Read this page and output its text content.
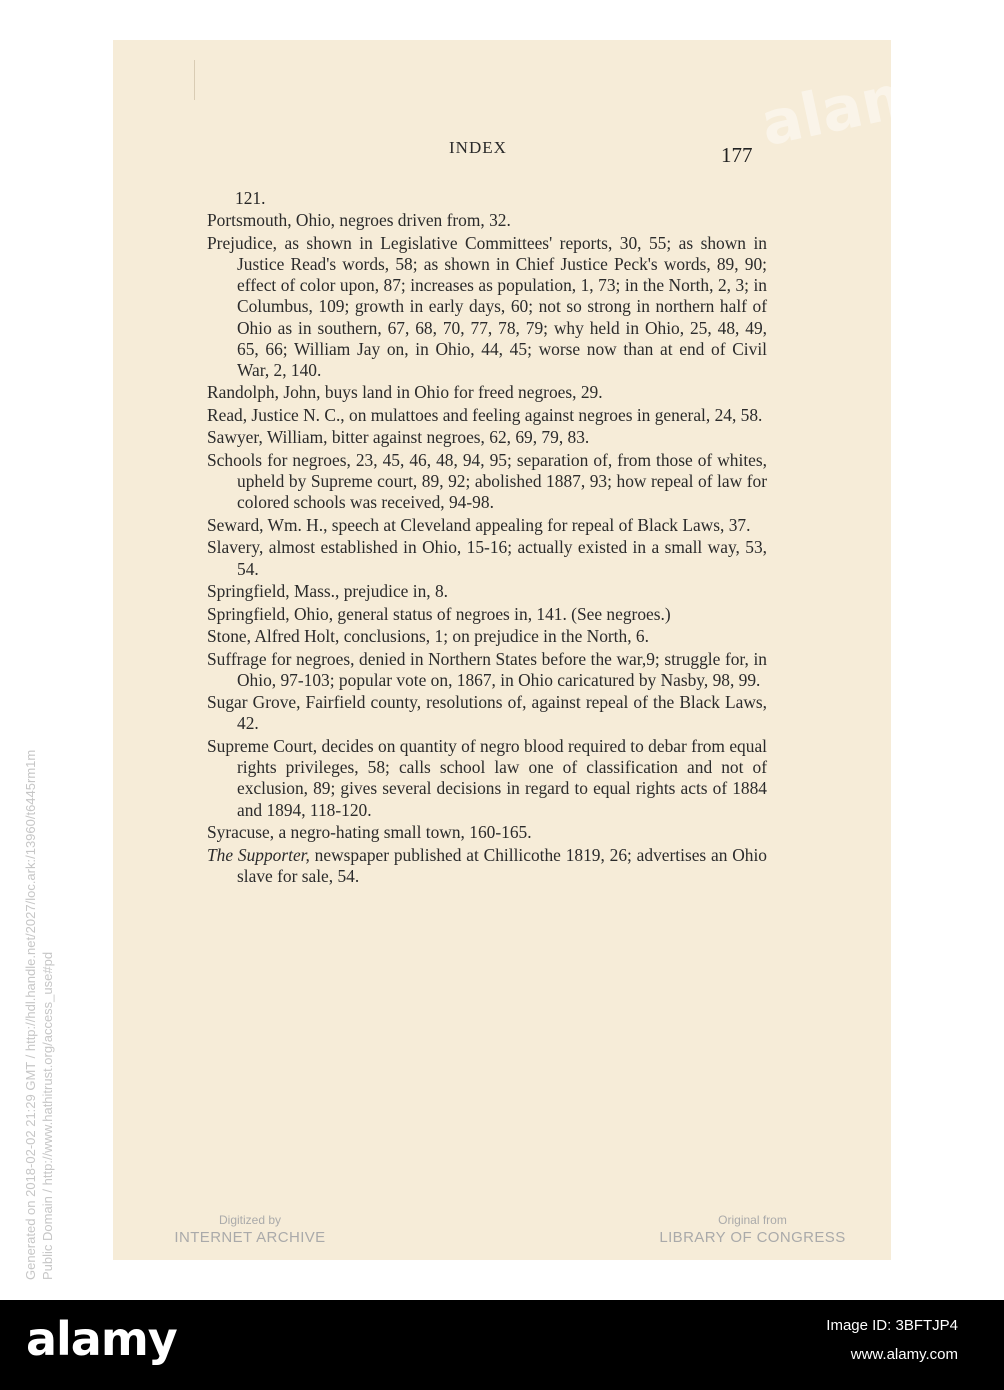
alamy
INDEX	177

121.

Portsmouth, Ohio, negroes driven from, 32.

Prejudice, as shown in Legislative Committees' reports, 30, 55; as shown in Justice Read's words, 58; as shown in Chief Justice Peck's words, 89, 90; effect of color upon, 87; increases as population, 1, 73; in the North, 2, 3; in Columbus, 109; growth in early days, 60; not so strong in northern half of Ohio as in southern, 67, 68, 70, 77, 78, 79; why held in Ohio, 25, 48, 49, 65, 66; William Jay on, in Ohio, 44, 45; worse now than at end of Civil War, 2, 140.

Randolph, John, buys land in Ohio for freed negroes, 29.

Read, Justice N. C., on mulattoes and feeling against negroes in general, 24, 58.

Sawyer, William, bitter against negroes, 62, 69, 79, 83.

Schools for negroes, 23, 45, 46, 48, 94, 95; separation of, from those of whites, upheld by Supreme court, 89, 92; abolished 1887, 93; how repeal of law for colored schools was received, 94-98.

Seward, Wm. H., speech at Cleveland appealing for repeal of Black Laws, 37.

Slavery, almost established in Ohio, 15-16; actually existed in a small way, 53, 54.

Springfield, Mass., prejudice in, 8.

Springfield, Ohio, general status of negroes in, 141. (See negroes.)

Stone, Alfred Holt, conclusions, 1; on prejudice in the North, 6.

Suffrage for negroes, denied in Northern States before the war,9; struggle for, in Ohio, 97-103; popular vote on, 1867, in Ohio caricatured by Nasby, 98, 99.

Sugar Grove, Fairfield county, resolutions of, against repeal of the Black Laws, 42.

Supreme Court, decides on quantity of negro blood required to debar from equal rights privileges, 58; calls school law one of classification and not of exclusion, 89; gives several decisions in regard to equal rights acts of 1884 and 1894, 118-120.

Syracuse, a negro-hating small town, 160-165.

The Supporter, newspaper published at Chillicothe 1819, 26; advertises an Ohio slave for sale, 54.

Generated on 2018-02-02 21:29 GMT / http://hdl.handle.net/2027/loc.ark:/13960/t6445rm1m Public Domain / http://www.hathitrust.org/access_use#pd	Digitized by
INTERNET ARCHIVE
Original from
LIBRARY OF CONGRESS
alamy	Image ID: 3BFTJP4
www.alamy.com
